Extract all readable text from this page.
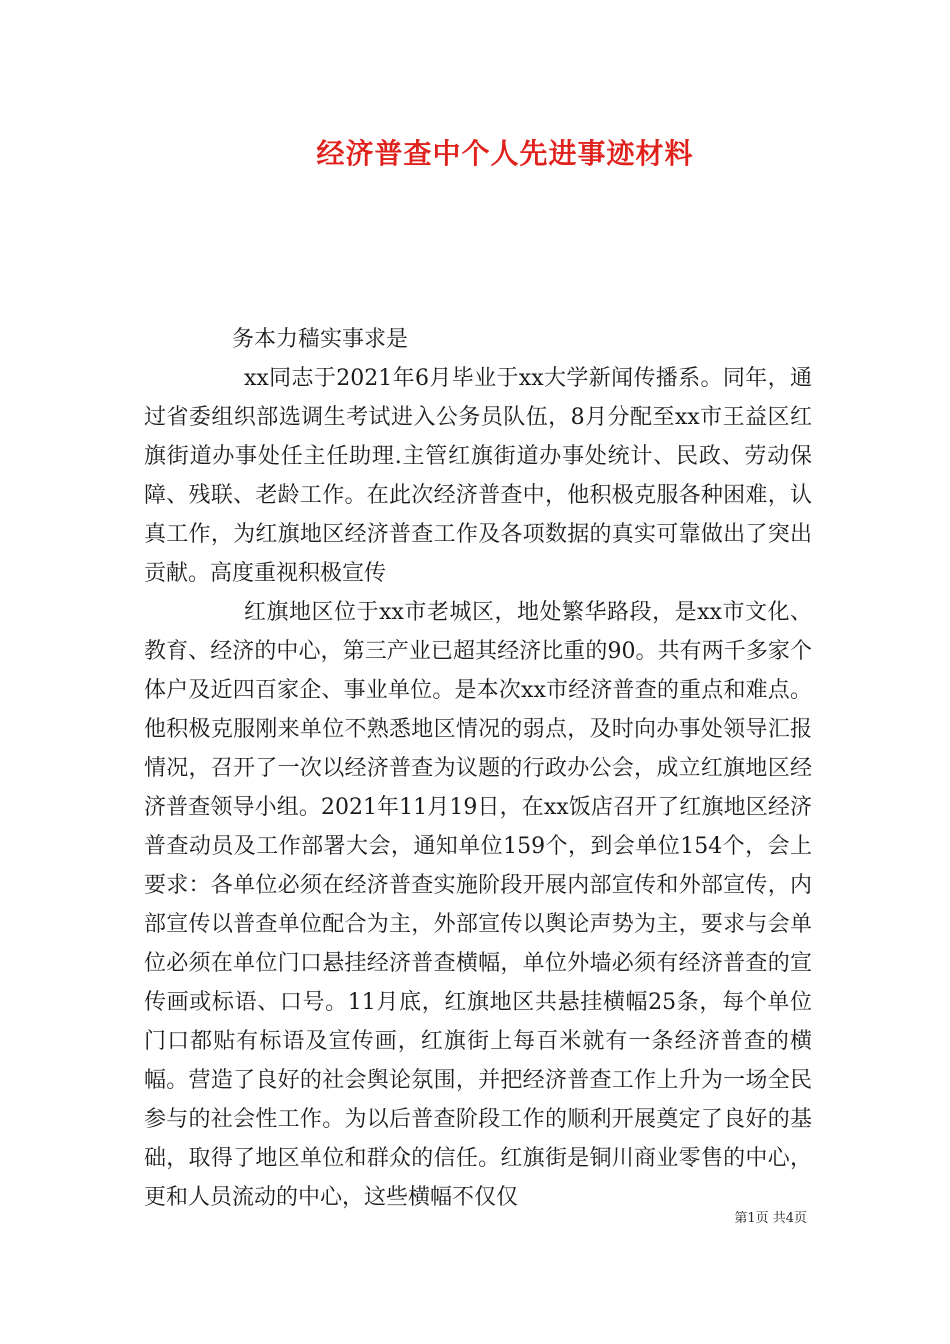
经济普查中个人先进事迹材料

务本力穑实事求是

xx同志于2021年6月毕业于xx大学新闻传播系。同年，通过省委组织部选调生考试进入公务员队伍，8月分配至xx市王益区红旗街道办事处任主任助理.主管红旗街道办事处统计、民政、劳动保障、残联、老龄工作。在此次经济普查中，他积极克服各种困难，认真工作，为红旗地区经济普查工作及各项数据的真实可靠做出了突出贡献。高度重视积极宣传

红旗地区位于xx市老城区，地处繁华路段，是xx市文化、教育、经济的中心，第三产业已超其经济比重的90。共有两千多家个体户及近四百家企、事业单位。是本次xx市经济普查的重点和难点。他积极克服刚来单位不熟悉地区情况的弱点，及时向办事处领导汇报情况，召开了一次以经济普查为议题的行政办公会，成立红旗地区经济普查领导小组。2021年11月19日，在xx饭店召开了红旗地区经济普查动员及工作部署大会，通知单位159个，到会单位154个，会上要求：各单位必须在经济普查实施阶段开展内部宣传和外部宣传，内部宣传以普查单位配合为主，外部宣传以舆论声势为主，要求与会单位必须在单位门口悬挂经济普查横幅，单位外墙必须有经济普查的宣传画或标语、口号。11月底，红旗地区共悬挂横幅25条，每个单位门口都贴有标语及宣传画，红旗街上每百米就有一条经济普查的横幅。营造了良好的社会舆论氛围，并把经济普查工作上升为一场全民参与的社会性工作。为以后普查阶段工作的顺利开展奠定了良好的基础，取得了地区单位和群众的信任。红旗街是铜川商业零售的中心，更和人员流动的中心，这些横幅不仅仅

第1页 共4页
